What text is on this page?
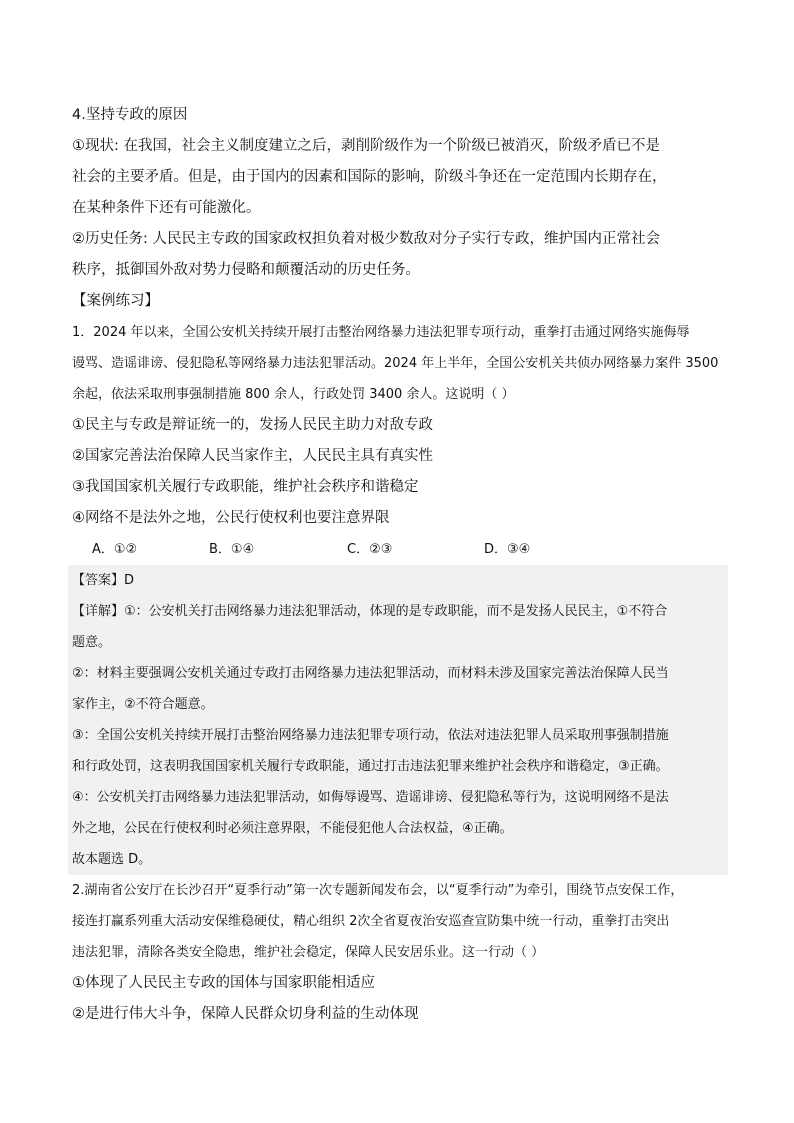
4.坚持专政的原因
①现状: 在我国，社会主义制度建立之后，剥削阶级作为一个阶级已被消灭，阶级矛盾已不是
社会的主要矛盾。但是，由于国内的因素和国际的影响，阶级斗争还在一定范围内长期存在，
在某种条件下还有可能激化。
②历史任务: 人民民主专政的国家政权担负着对极少数敌对分子实行专政，维护国内正常社会
秩序，抵御国外敌对势力侵略和颠覆活动的历史任务。
【案例练习】
1．2024 年以来，全国公安机关持续开展打击整治网络暴力违法犯罪专项行动，重拳打击通过网络实施侮辱
谩骂、造谣诽谤、侵犯隐私等网络暴力违法犯罪活动。2024 年上半年，全国公安机关共侦办网络暴力案件 3500
余起，依法采取刑事强制措施 800 余人，行政处罚 3400 余人。这说明（ ）
①民主与专政是辩证统一的，发扬人民民主助力对敌专政
②国家完善法治保障人民当家作主，人民民主具有真实性
③我国国家机关履行专政职能，维护社会秩序和谐稳定
④网络不是法外之地，公民行使权利也要注意界限
A．①②	B．①④	C．②③	D．③④
【答案】D
【详解】①：公安机关打击网络暴力违法犯罪活动，体现的是专政职能，而不是发扬人民民主，①不符合
题意。
②：材料主要强调公安机关通过专政打击网络暴力违法犯罪活动，而材料未涉及国家完善法治保障人民当
家作主，②不符合题意。
③：全国公安机关持续开展打击整治网络暴力违法犯罪专项行动，依法对违法犯罪人员采取刑事强制措施
和行政处罚，这表明我国国家机关履行专政职能，通过打击违法犯罪来维护社会秩序和谐稳定，③正确。
④：公安机关打击网络暴力违法犯罪活动，如侮辱谩骂、造谣诽谤、侵犯隐私等行为，这说明网络不是法
外之地，公民在行使权利时必须注意界限，不能侵犯他人合法权益，④正确。
故本题选 D。
2.湖南省公安厅在长沙召开“夏季行动”第一次专题新闻发布会，以“夏季行动”为牵引，围绕节点安保工作，
接连打赢系列重大活动安保维稳硬仗，精心组织 2次全省夏夜治安巡查宣防集中统一行动，重拳打击突出
违法犯罪，清除各类安全隐患，维护社会稳定，保障人民安居乐业。这一行动（ ）
①体现了人民民主专政的国体与国家职能相适应
②是进行伟大斗争，保障人民群众切身利益的生动体现
